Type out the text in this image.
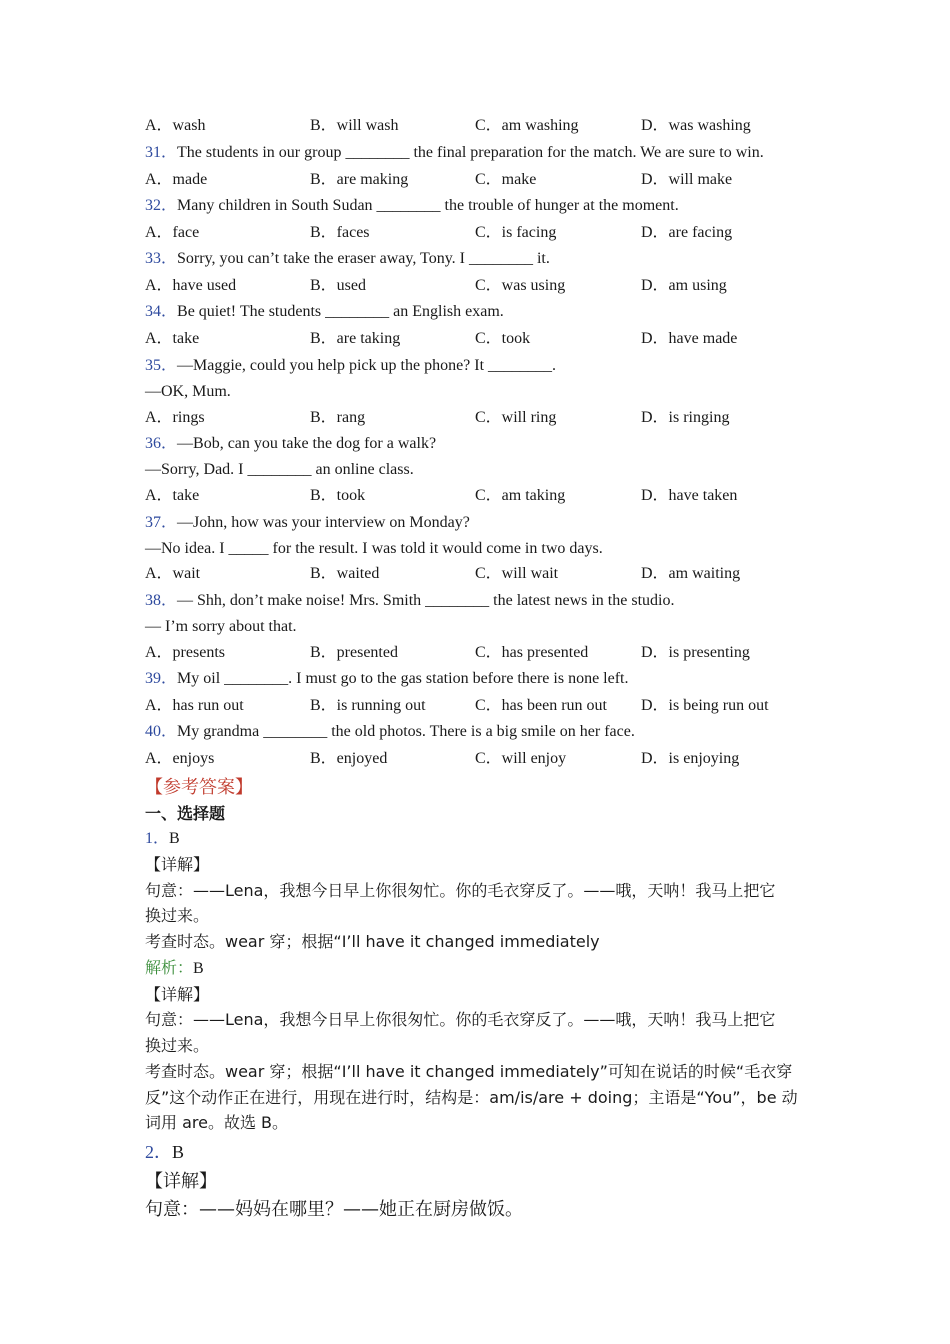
A．wash	B．will wash	C．am washing	D．was washing
31．The students in our group ________ the final preparation for the match. We are sure to win.
A．made	B．are making	C．make	D．will make
32．Many children in South Sudan ________ the trouble of hunger at the moment.
A．face	B．faces	C．is facing	D．are facing
33．Sorry, you can’t take the eraser away, Tony. I ________ it.
A．have used	B．used	C．was using	D．am using
34．Be quiet! The students ________ an English exam.
A．take	B．are taking	C．took	D．have made
35．—Maggie, could you help pick up the phone? It ________.
—OK, Mum.
A．rings	B．rang	C．will ring	D．is ringing
36．—Bob, can you take the dog for a walk?
—Sorry, Dad. I ________ an online class.
A．take	B．took	C．am taking	D．have taken
37．—John, how was your interview on Monday?
—No idea. I _____ for the result. I was told it would come in two days.
A．wait	B．waited	C．will wait	D．am waiting
38．— Shh, don’t make noise! Mrs. Smith ________ the latest news in the studio.
— I’m sorry about that.
A．presents	B．presented	C．has presented	D．is presenting
39．My oil ________. I must go to the gas station before there is none left.
A．has run out	B．is running out	C．has been run out D．is being run out
40．My grandma ________ the old photos. There is a big smile on her face.
A．enjoys	B．enjoyed	C．will enjoy	D．is enjoying
【参考答案】
一、选择题
1．B
【详解】
句意：——Lena，我想今日早上你很匆忙。你的毛衣穿反了。——哦，天呐！我马上把它
换过来。
考查时态。wear 穿；根据“I’ll have it changed immediately
解析：B
【详解】
句意：——Lena，我想今日早上你很匆忙。你的毛衣穿反了。——哦，天呐！我马上把它
换过来。
考查时态。wear 穿；根据“I’ll have it changed immediately”可知在说话的时候“毛衣穿
反”这个动作正在进行，用现在进行时，结构是：am/is/are + doing；主语是“You”，be 动
词用 are。故选 B。
2．B
【详解】
句意：——妈妈在哪里？——她正在厨房做饭。
